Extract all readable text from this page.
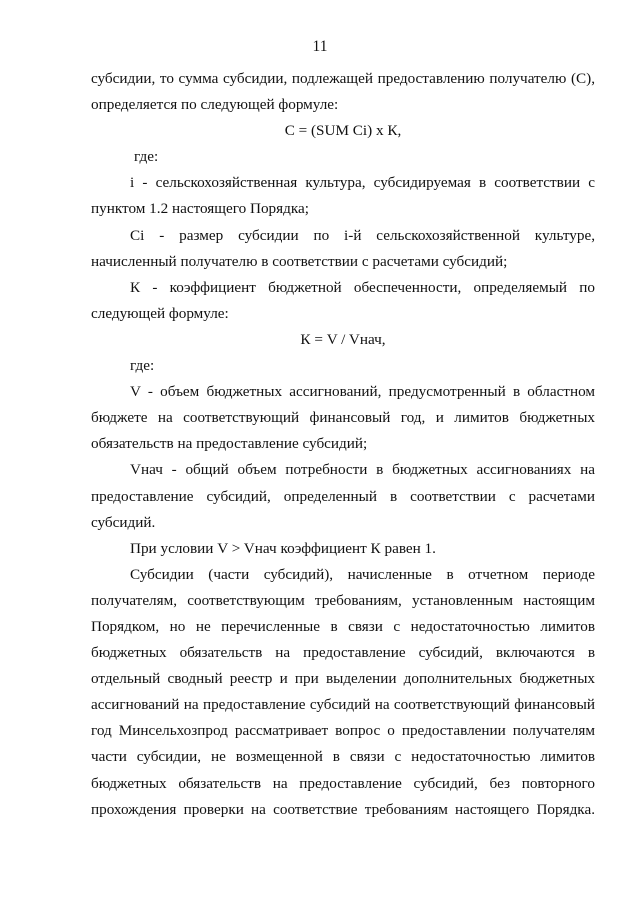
11

субсидии, то сумма субсидии, подлежащей предоставлению получателю (С), определяется по следующей формуле:

С = (SUM Сi) x К,

где:

i - сельскохозяйственная культура, субсидируемая в соответствии с пунктом 1.2 настоящего Порядка;

Сi - размер субсидии по i-й сельскохозяйственной культуре, начисленный получателю в соответствии с расчетами субсидий;

К - коэффициент бюджетной обеспеченности, определяемый по следующей формуле:

К = V / Vнач,

где:

V - объем бюджетных ассигнований, предусмотренный в областном бюджете на соответствующий финансовый год, и лимитов бюджетных обязательств на предоставление субсидий;

Vнач - общий объем потребности в бюджетных ассигнованиях на предоставление субсидий, определенный в соответствии с расчетами субсидий.

При условии V > Vнач коэффициент К равен 1.

Субсидии (части субсидий), начисленные в отчетном периоде получателям, соответствующим требованиям, установленным настоящим Порядком, но не перечисленные в связи с недостаточностью лимитов бюджетных обязательств на предоставление субсидий, включаются в отдельный сводный реестр и при выделении дополнительных бюджетных ассигнований на предоставление субсидий на соответствующий финансовый год Минсельхозпрод рассматривает вопрос о предоставлении получателям части субсидии, не возмещенной в связи с недостаточностью лимитов бюджетных обязательств на предоставление субсидий, без повторного прохождения проверки на соответствие требованиям настоящего Порядка.
